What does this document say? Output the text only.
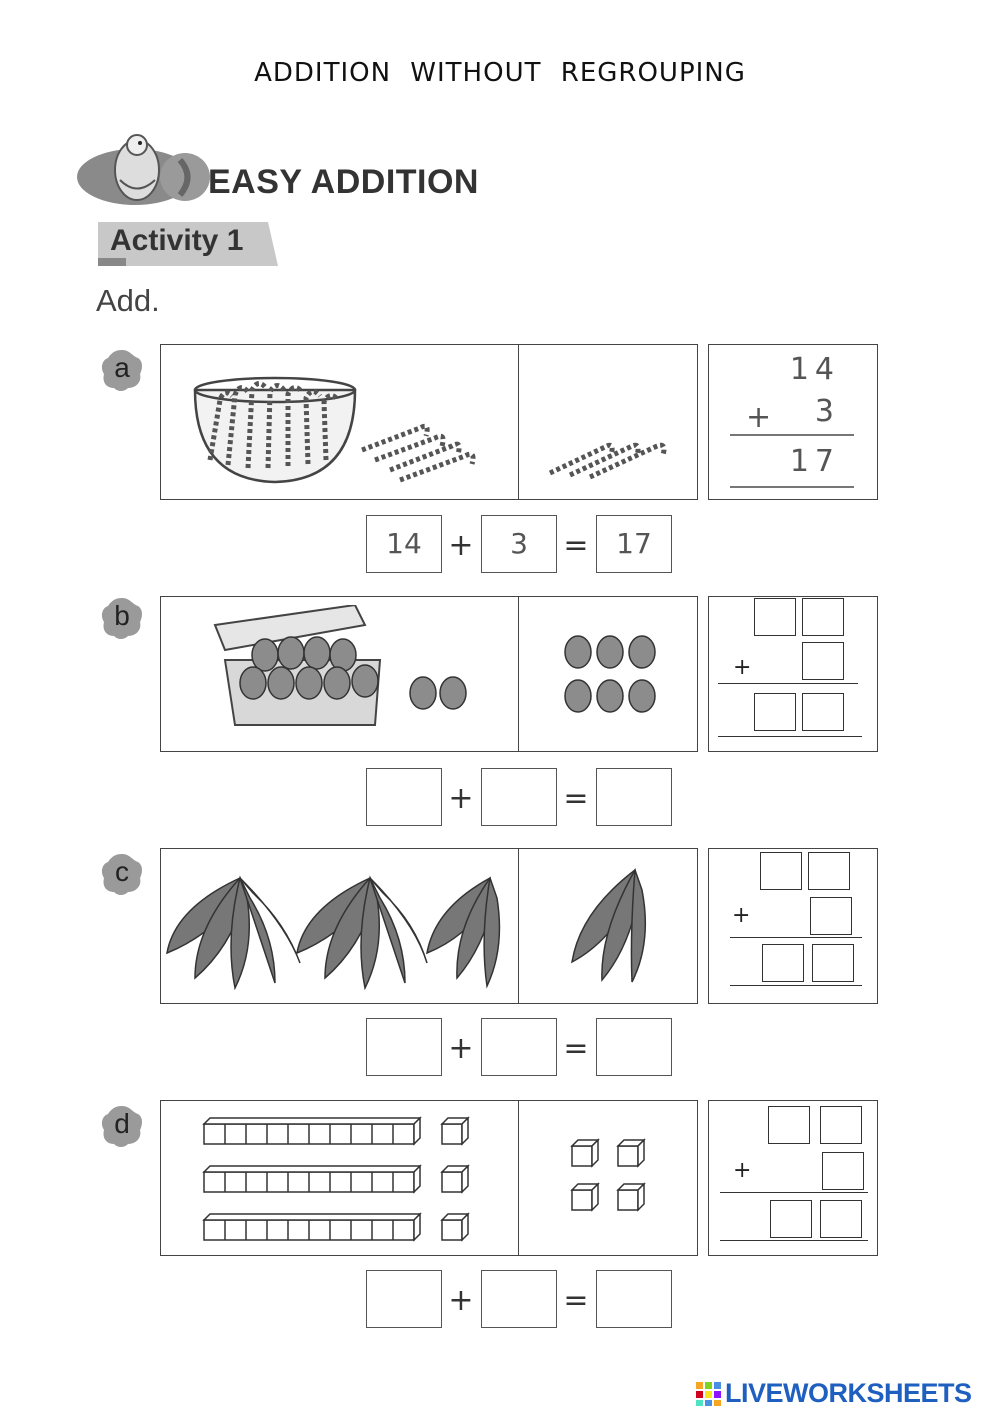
ADDITION WITHOUT REGROUPING
EASY ADDITION
Activity 1
Add.
a	14
+	3
17
14 +	3	= 17
b
+
+	=
c
+
+	=
d
+
+	=
LIVEWORKSHEETS
